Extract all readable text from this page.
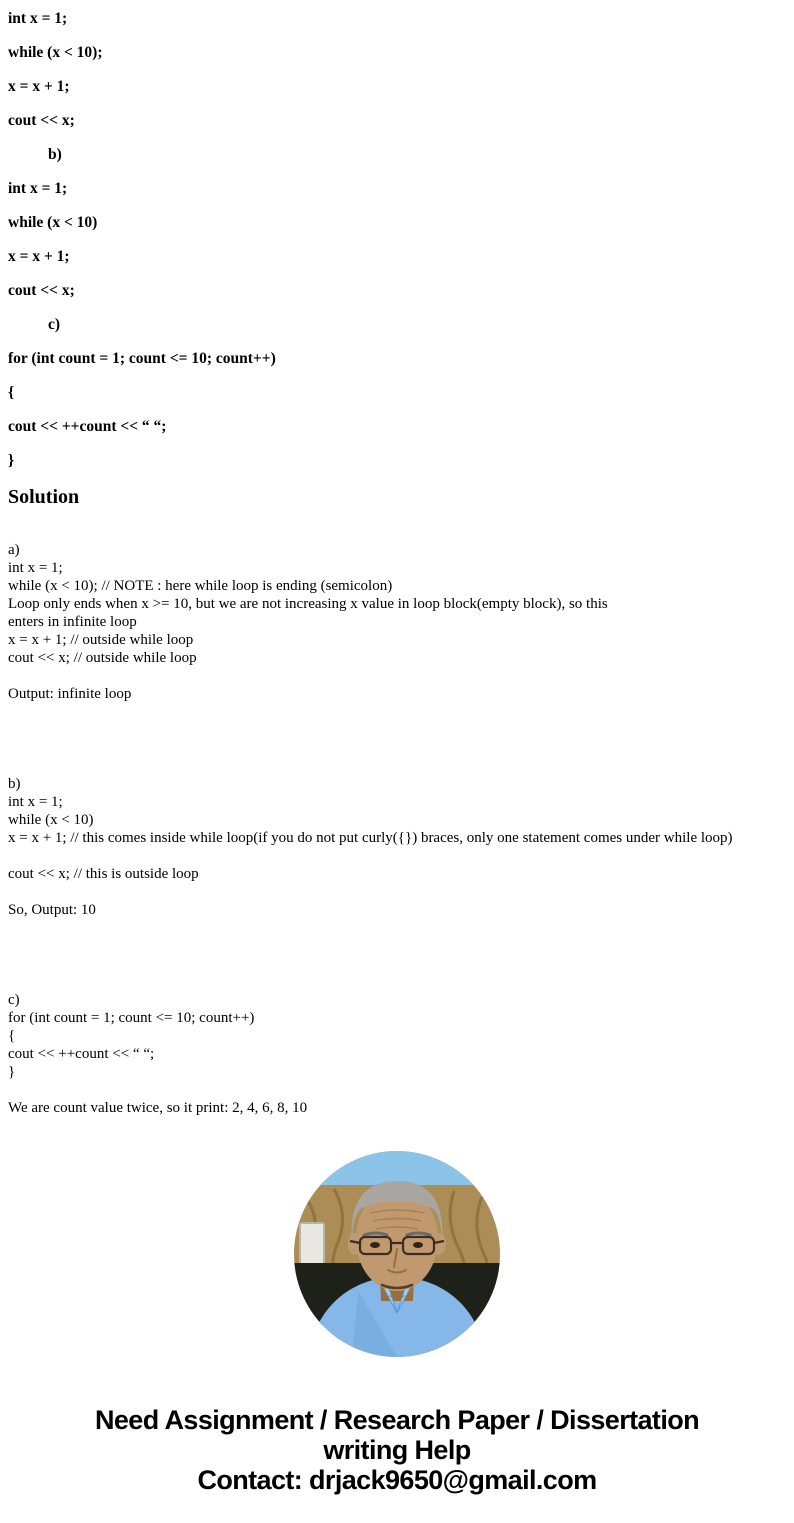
int x = 1;
while (x < 10);
x = x + 1;
cout << x;
b)
int x = 1;
while (x < 10)
x = x + 1;
cout << x;
c)
for (int count = 1; count <= 10; count++)
{
cout << ++count << “ “;
}
Solution
a)
int x = 1;
while (x < 10); // NOTE : here while loop is ending (semicolon)
Loop only ends when x >= 10, but we are not increasing x value in loop block(empty block), so this
enters in infinite loop
x = x + 1; // outside while loop
cout << x; // outside while loop
Output: infinite loop
b)
int x = 1;
while (x < 10)
x = x + 1; // this comes inside while loop(if you do not put curly({}) braces, only one statement comes under while loop)
cout << x; // this is outside loop
So, Output: 10
c)
for (int count = 1; count <= 10; count++)
{
cout << ++count << “ “;
}
We are count value twice, so it print: 2, 4, 6, 8, 10
Need Assignment / Research Paper / Dissertation
writing Help
Contact: drjack9650@gmail.com
